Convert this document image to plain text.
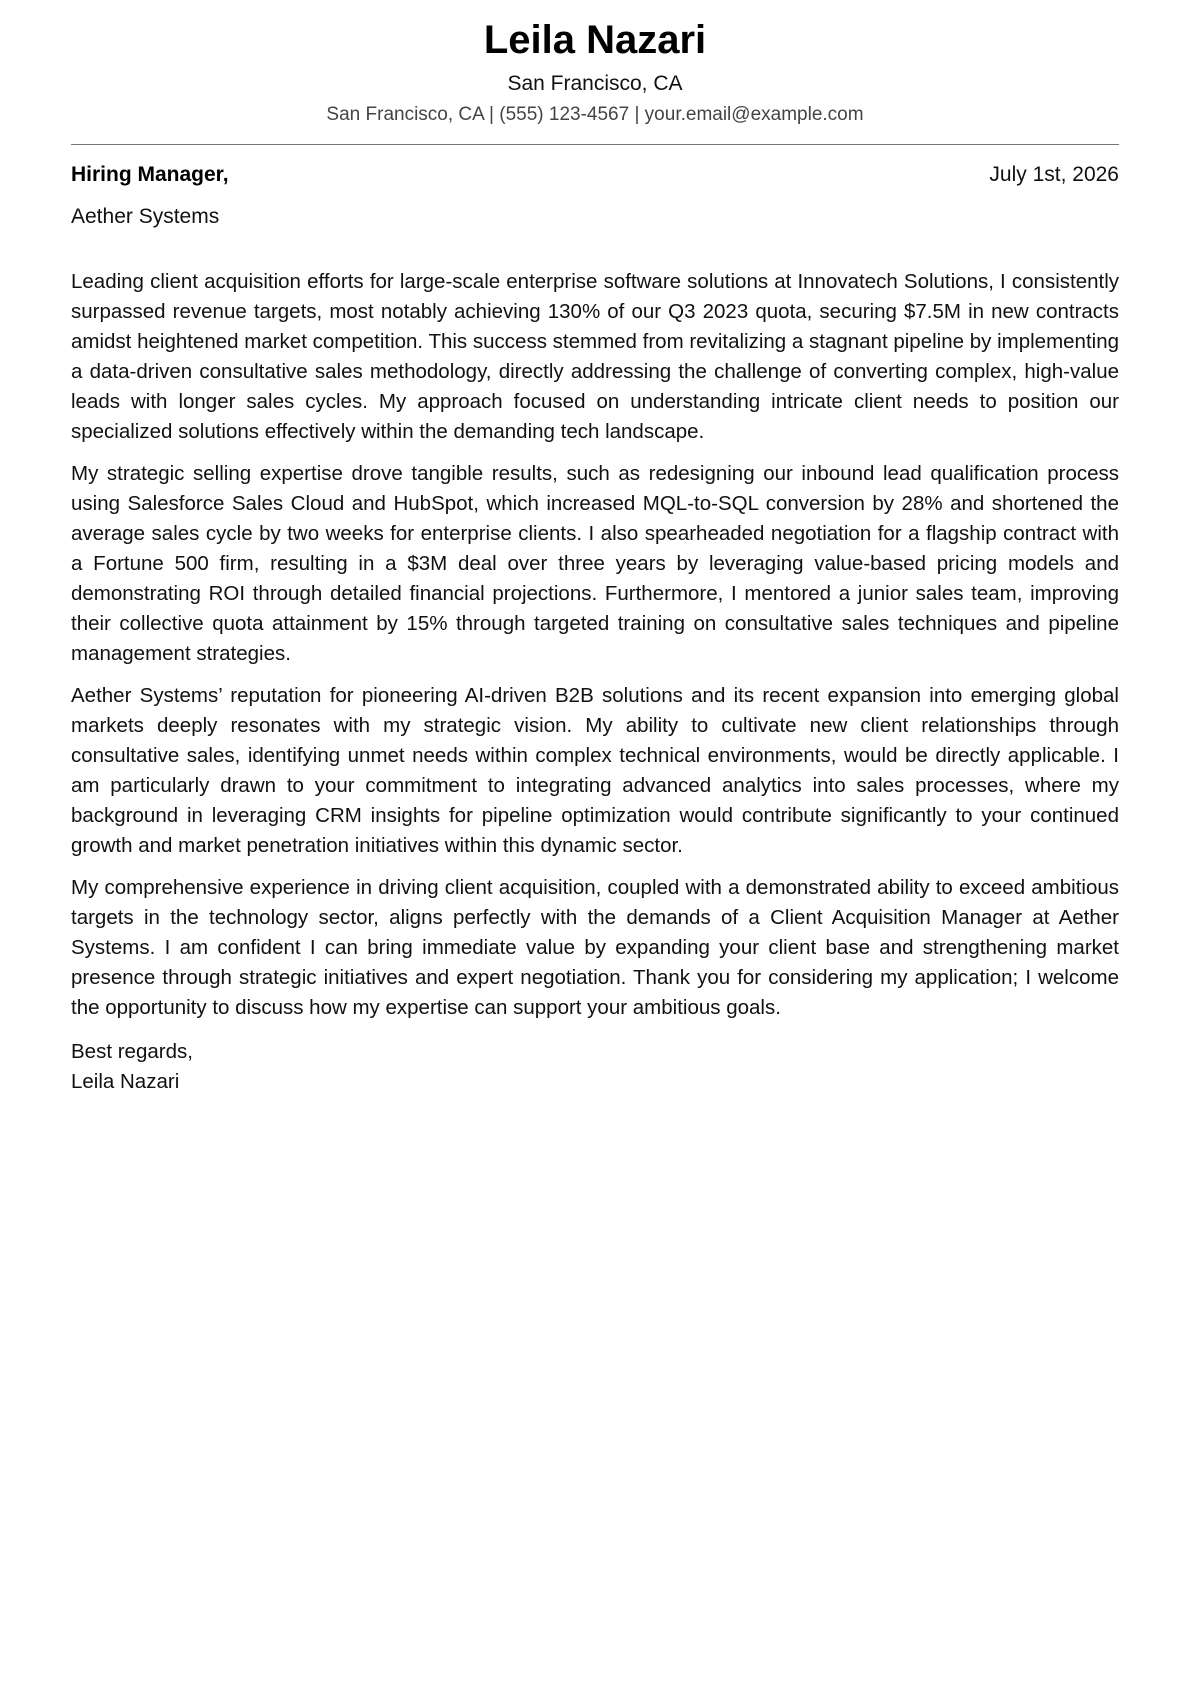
Leila Nazari
San Francisco, CA
San Francisco, CA | (555) 123-4567 | your.email@example.com
Hiring Manager,	July 1st, 2026
Aether Systems

Leading client acquisition efforts for large-scale enterprise software solutions at Innovatech Solutions, I consistently surpassed revenue targets, most notably achieving 130% of our Q3 2023 quota, securing $7.5M in new contracts amidst heightened market competition. This success stemmed from revitalizing a stagnant pipeline by implementing a data-driven consultative sales methodology, directly addressing the challenge of converting complex, high-value leads with longer sales cycles. My approach focused on understanding intricate client needs to position our specialized solutions effectively within the demanding tech landscape.

My strategic selling expertise drove tangible results, such as redesigning our inbound lead qualification process using Salesforce Sales Cloud and HubSpot, which increased MQL-to-SQL conversion by 28% and shortened the average sales cycle by two weeks for enterprise clients. I also spearheaded negotiation for a flagship contract with a Fortune 500 firm, resulting in a $3M deal over three years by leveraging value-based pricing models and demonstrating ROI through detailed financial projections. Furthermore, I mentored a junior sales team, improving their collective quota attainment by 15% through targeted training on consultative sales techniques and pipeline management strategies.

Aether Systems’ reputation for pioneering AI-driven B2B solutions and its recent expansion into emerging global markets deeply resonates with my strategic vision. My ability to cultivate new client relationships through consultative sales, identifying unmet needs within complex technical environments, would be directly applicable. I am particularly drawn to your commitment to integrating advanced analytics into sales processes, where my background in leveraging CRM insights for pipeline optimization would contribute significantly to your continued growth and market penetration initiatives within this dynamic sector.

My comprehensive experience in driving client acquisition, coupled with a demonstrated ability to exceed ambitious targets in the technology sector, aligns perfectly with the demands of a Client Acquisition Manager at Aether Systems. I am confident I can bring immediate value by expanding your client base and strengthening market presence through strategic initiatives and expert negotiation. Thank you for considering my application; I welcome the opportunity to discuss how my expertise can support your ambitious goals.

Best regards,
Leila Nazari
